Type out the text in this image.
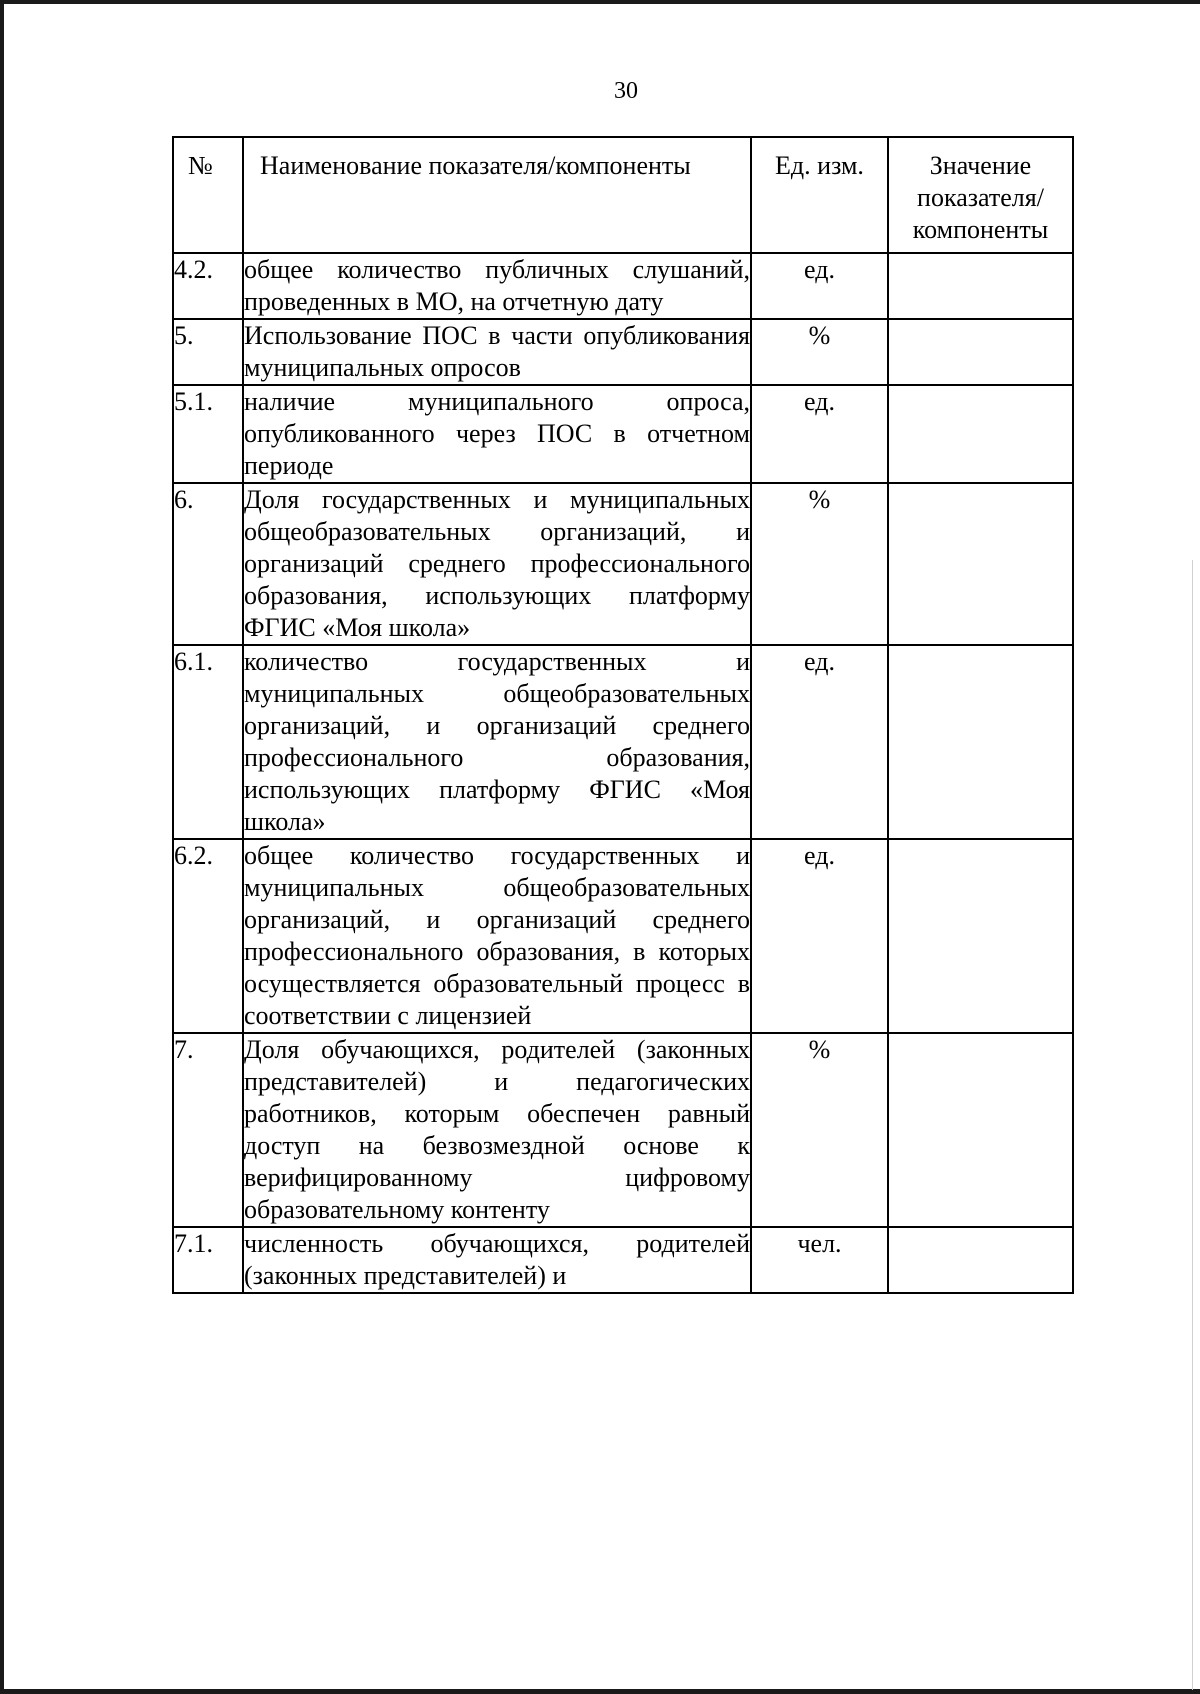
30
№	Наименование показателя/компоненты	Ед. изм.	Значение показателя/ компоненты

4.2.	общее количество публичных слушаний, проведенных в МО, на отчетную дату	ед.	
5.	Использование ПОС в части опубликования муниципальных опросов	%	
5.1.	наличие муниципального опроса, опубликованного через ПОС в отчетном периоде	ед.	
6.	Доля государственных и муниципальных общеобразовательных организаций, и организаций среднего профессионального образования, использующих платформу ФГИС «Моя школа»	%	
6.1.	количество государственных и муниципальных общеобразовательных организаций, и организаций среднего профессионального образования, использующих платформу ФГИС «Моя школа»	ед.	
6.2.	общее количество государственных и муниципальных общеобразовательных организаций, и организаций среднего профессионального образования, в которых осуществляется образовательный процесс в соответствии с лицензией	ед.	
7.	Доля обучающихся, родителей (законных представителей) и педагогических работников, которым обеспечен равный доступ на безвозмездной основе к верифицированному цифровому образовательному контенту	%	
7.1.	численность обучающихся, родителей (законных представителей) и	чел.	
